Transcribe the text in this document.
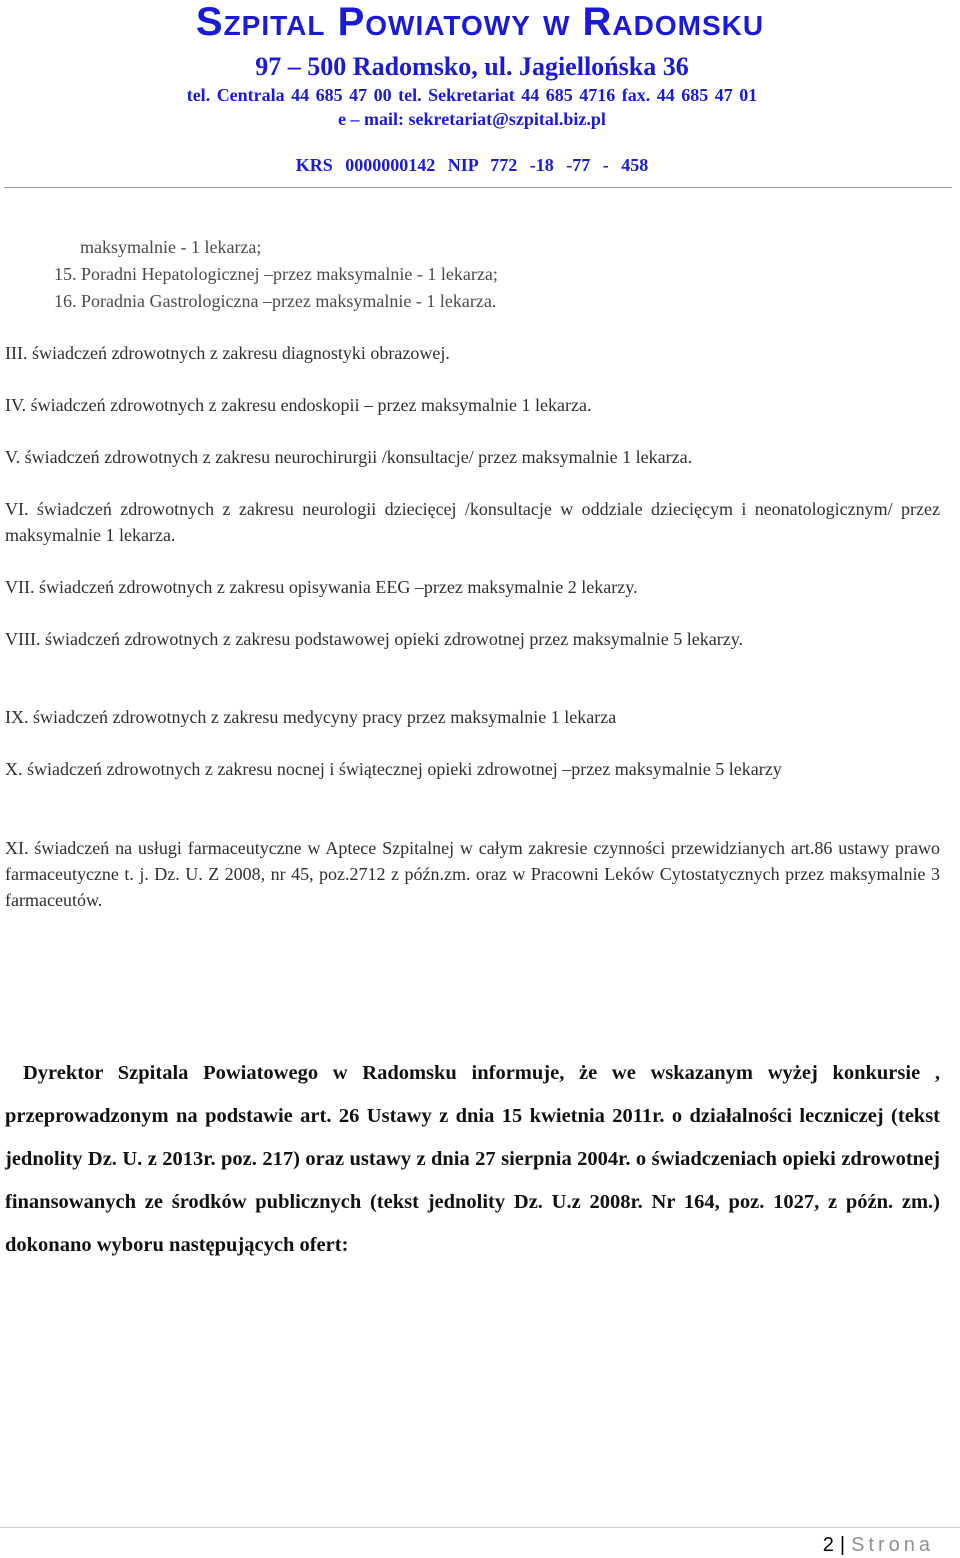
Szpital Powiatowy w Radomsku
97 – 500 Radomsko, ul. Jagiellońska 36
tel. Centrala 44 685 47 00 tel. Sekretariat 44 685 4716 fax. 44 685 47 01
e – mail: sekretariat@szpital.biz.pl
KRS 0000000142 NIP 772 -18 -77 - 458
maksymalnie - 1 lekarza;
15. Poradni Hepatologicznej –przez maksymalnie - 1 lekarza;
16. Poradnia Gastrologiczna –przez maksymalnie - 1 lekarza.
III. świadczeń zdrowotnych z zakresu diagnostyki obrazowej.
IV. świadczeń zdrowotnych z zakresu endoskopii – przez maksymalnie 1 lekarza.
V. świadczeń zdrowotnych z zakresu neurochirurgii /konsultacje/ przez maksymalnie 1 lekarza.
VI. świadczeń zdrowotnych z zakresu neurologii dziecięcej /konsultacje w oddziale dziecięcym i neonatologicznym/ przez maksymalnie 1 lekarza.
VII. świadczeń zdrowotnych z zakresu opisywania EEG –przez maksymalnie 2 lekarzy.
VIII. świadczeń zdrowotnych z zakresu podstawowej opieki zdrowotnej przez maksymalnie 5 lekarzy.
IX. świadczeń zdrowotnych z zakresu medycyny pracy przez maksymalnie 1 lekarza
X. świadczeń zdrowotnych z zakresu nocnej i świątecznej opieki zdrowotnej –przez maksymalnie 5 lekarzy
XI. świadczeń na usługi farmaceutyczne w Aptece Szpitalnej w całym zakresie czynności przewidzianych art.86 ustawy prawo farmaceutyczne t. j. Dz. U. Z 2008, nr 45, poz.2712 z późn.zm. oraz w Pracowni Leków Cytostatycznych przez maksymalnie 3 farmaceutów.
Dyrektor Szpitala Powiatowego w Radomsku informuje, że we wskazanym wyżej konkursie , przeprowadzonym na podstawie art. 26 Ustawy z dnia 15 kwietnia 2011r. o działalności leczniczej (tekst jednolity Dz. U. z 2013r. poz. 217) oraz ustawy z dnia 27 sierpnia 2004r. o świadczeniach opieki zdrowotnej finansowanych ze środków publicznych (tekst jednolity Dz. U.z 2008r. Nr 164, poz. 1027, z późn. zm.) dokonano wyboru następujących ofert:
2 | Strona
